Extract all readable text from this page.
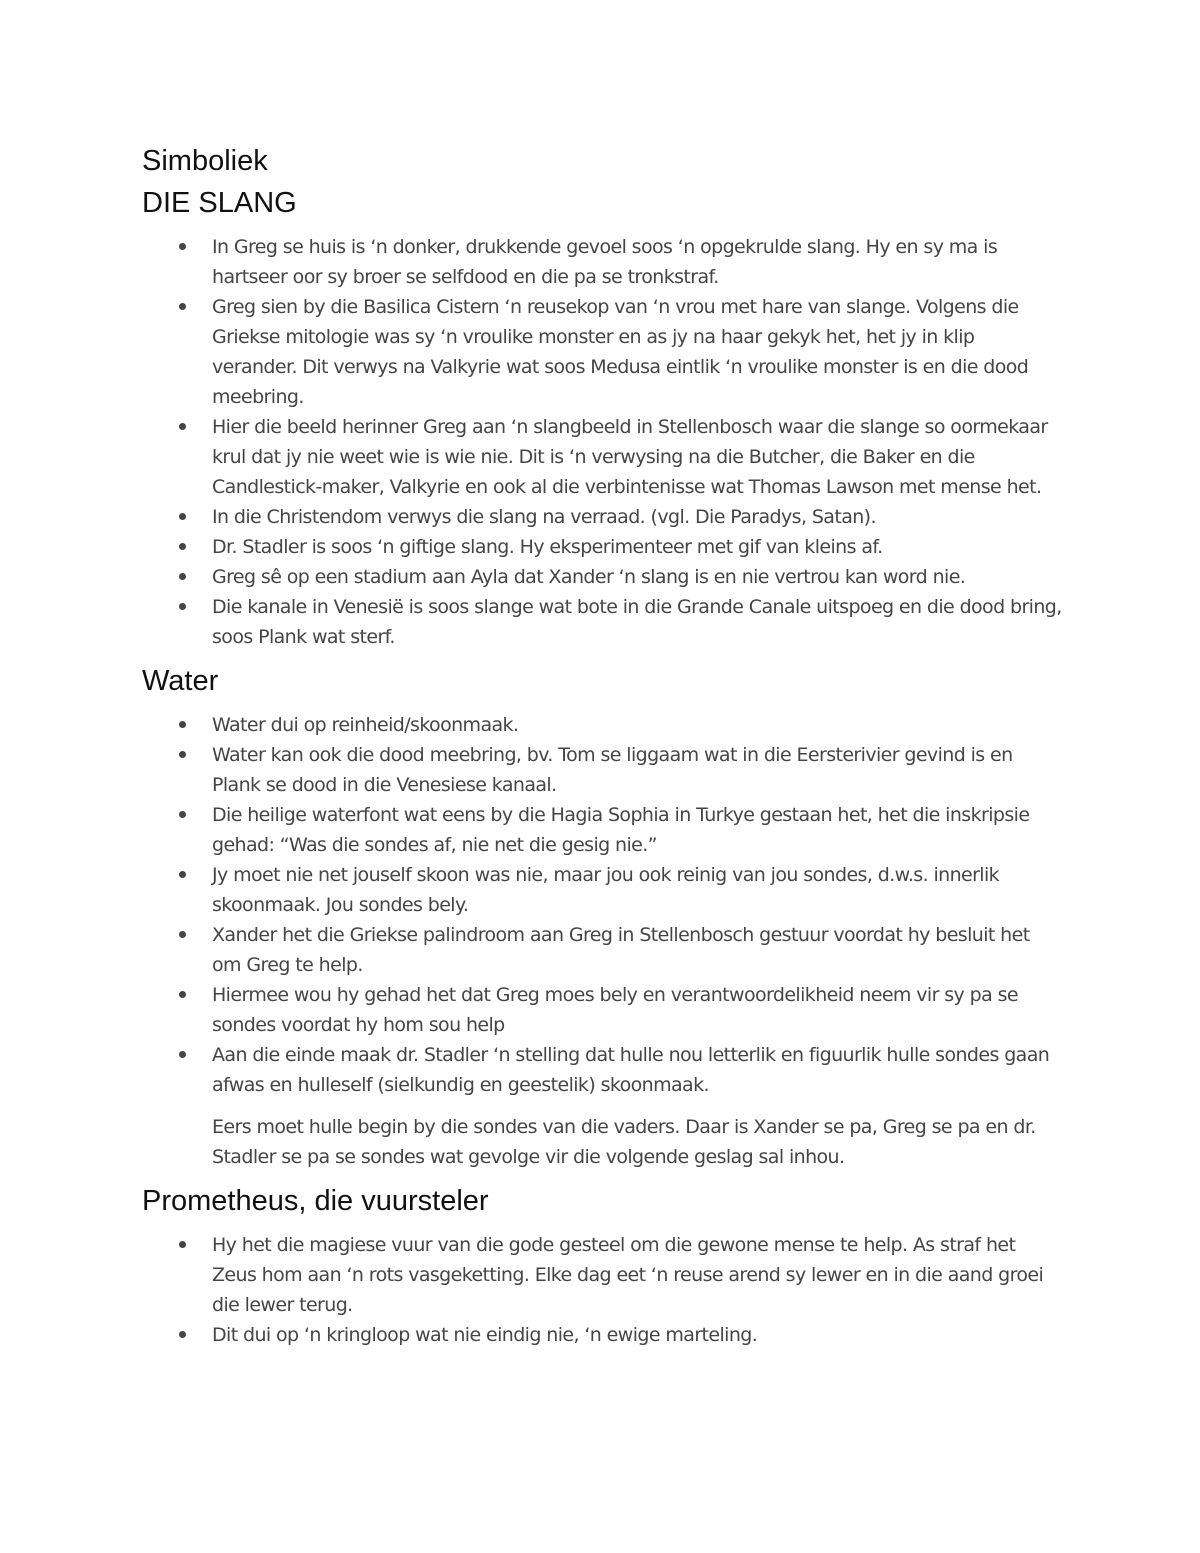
Simboliek
DIE SLANG
In Greg se huis is ‘n donker, drukkende gevoel soos ‘n opgekrulde slang. Hy en sy ma is hartseer oor sy broer se selfdood en die pa se tronkstraf.
Greg sien by die Basilica Cistern ‘n reusekop van ‘n vrou met hare van slange. Volgens die Griekse mitologie was sy ‘n vroulike monster en as jy na haar gekyk het, het jy in klip verander. Dit verwys na Valkyrie wat soos Medusa eintlik ‘n vroulike monster is en die dood meebring.
Hier die beeld herinner Greg aan ‘n slangbeeld in Stellenbosch waar die slange so oormekaar krul dat jy nie weet wie is wie nie. Dit is ‘n verwysing na die Butcher, die Baker en die Candlestick-maker, Valkyrie en ook al die verbintenisse wat Thomas Lawson met mense het.
In die Christendom verwys die slang na verraad. (vgl. Die Paradys, Satan).
Dr. Stadler is soos ‘n giftige slang. Hy eksperimenteer met gif van kleins af.
Greg sê op een stadium aan Ayla dat Xander ‘n slang is en nie vertrou kan word nie.
Die kanale in Venesië is soos slange wat bote in die Grande Canale uitspoeg en die dood bring, soos Plank wat sterf.
Water
Water dui op reinheid/skoonmaak.
Water kan ook die dood meebring, bv. Tom se liggaam wat in die Eersterivier gevind is en Plank se dood in die Venesiese kanaal.
Die heilige waterfont wat eens by die Hagia Sophia in Turkye gestaan het, het die inskripsie gehad: “Was die sondes af, nie net die gesig nie.”
Jy moet nie net jouself skoon was nie, maar jou ook reinig van jou sondes, d.w.s. innerlik skoonmaak. Jou sondes bely.
Xander het die Griekse palindroom aan Greg in Stellenbosch gestuur voordat hy besluit het om Greg te help.
Hiermee wou hy gehad het dat Greg moes bely en verantwoordelikheid neem vir sy pa se sondes voordat hy hom sou help
Aan die einde maak dr. Stadler ‘n stelling dat hulle nou letterlik en figuurlik hulle sondes gaan afwas en hulleself (sielkundig en geestelik) skoonmaak.

Eers moet hulle begin by die sondes van die vaders. Daar is Xander se pa, Greg se pa en dr. Stadler se pa se sondes wat gevolge vir die volgende geslag sal inhou.

Prometheus, die vuursteler
Hy het die magiese vuur van die gode gesteel om die gewone mense te help. As straf het Zeus hom aan ‘n rots vasgeketting. Elke dag eet ‘n reuse arend sy lewer en in die aand groei die lewer terug.
Dit dui op ‘n kringloop wat nie eindig nie, ‘n ewige marteling.
